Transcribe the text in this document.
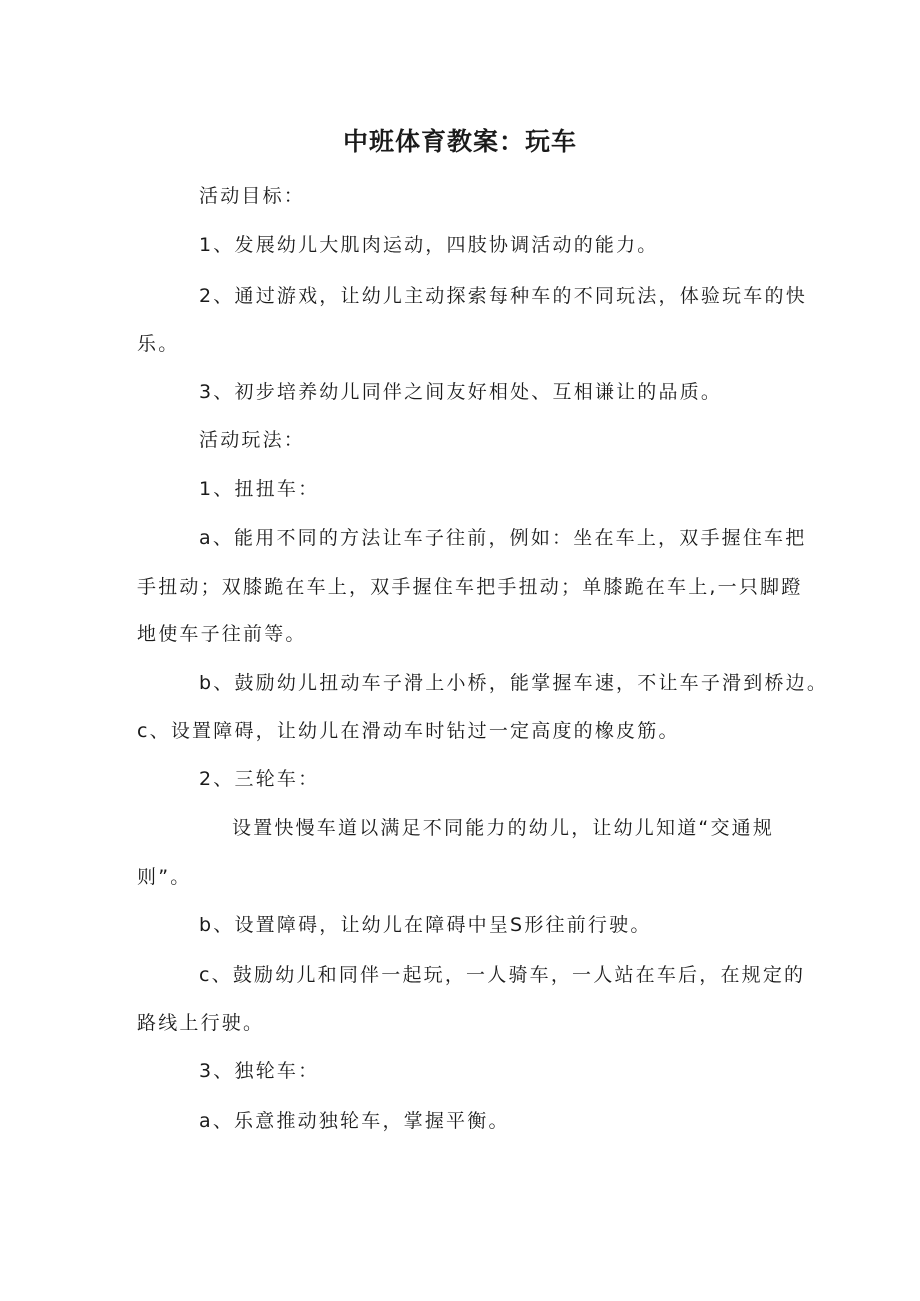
中班体育教案：玩车
活动目标：
1、发展幼儿大肌肉运动，四肢协调活动的能力。
2、通过游戏，让幼儿主动探索每种车的不同玩法，体验玩车的快
乐。
3、初步培养幼儿同伴之间友好相处、互相谦让的品质。
活动玩法：
1、扭扭车：
a、能用不同的方法让车子往前，例如：坐在车上，双手握住车把
手扭动；双膝跪在车上，双手握住车把手扭动；单膝跪在车上,一只脚蹬
地使车子往前等。
b、鼓励幼儿扭动车子滑上小桥，能掌握车速，不让车子滑到桥边。
c、设置障碍，让幼儿在滑动车时钻过一定高度的橡皮筋。
2、三轮车：
设置快慢车道以满足不同能力的幼儿，让幼儿知道“交通规
则”。
b、设置障碍，让幼儿在障碍中呈S形往前行驶。
c、鼓励幼儿和同伴一起玩，一人骑车，一人站在车后，在规定的
路线上行驶。
3、独轮车：
a、乐意推动独轮车，掌握平衡。
